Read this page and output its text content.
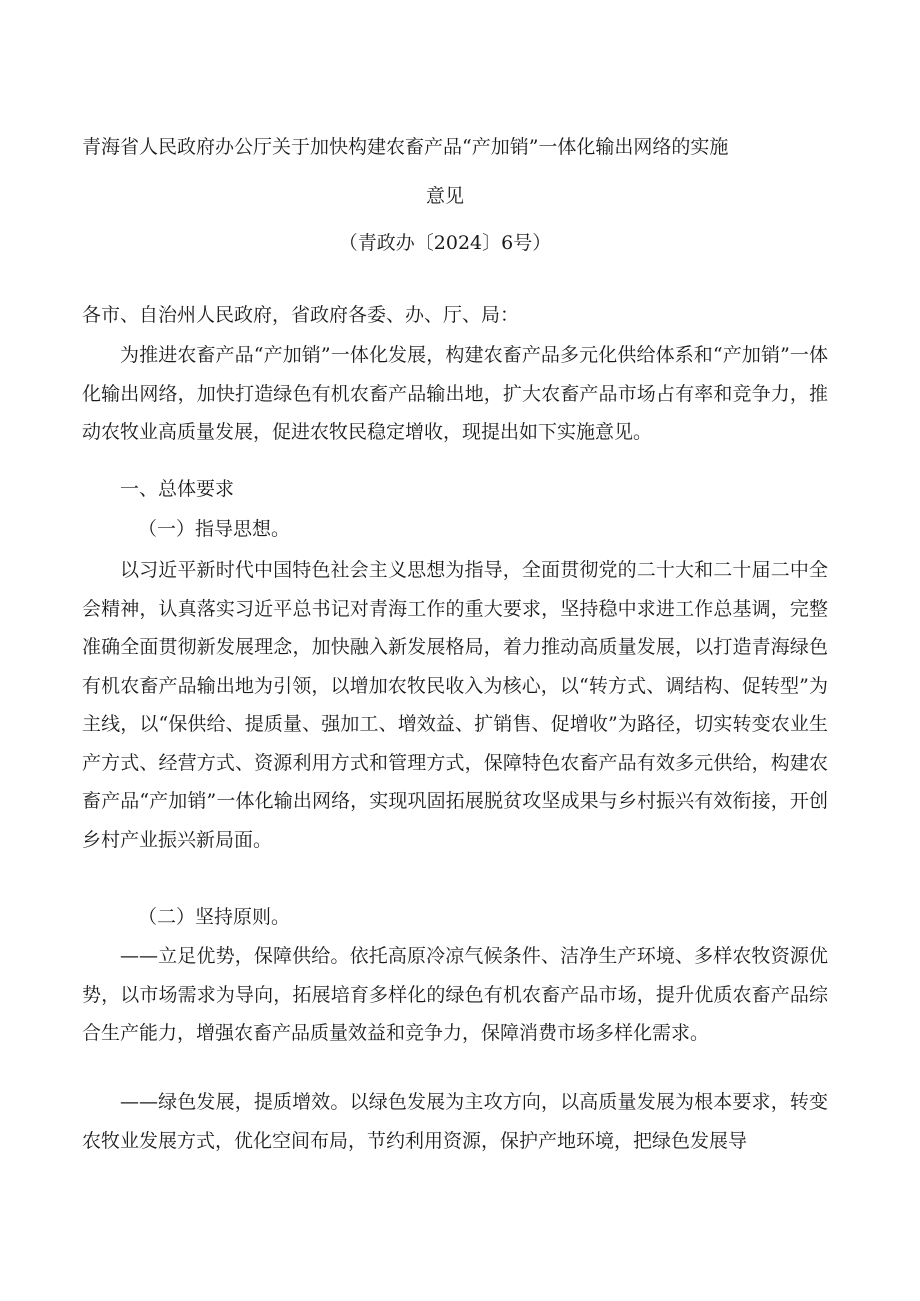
青海省人民政府办公厅关于加快构建农畜产品“产加销”一体化输出网络的实施
意见
（青政办〔2024〕6号）

各市、自治州人民政府，省政府各委、办、厅、局：

为推进农畜产品“产加销”一体化发展，构建农畜产品多元化供给体系和“产加销”一体化输出网络，加快打造绿色有机农畜产品输出地，扩大农畜产品市场占有率和竞争力，推动农牧业高质量发展，促进农牧民稳定增收，现提出如下实施意见。

一、总体要求

（一）指导思想。

以习近平新时代中国特色社会主义思想为指导，全面贯彻党的二十大和二十届二中全会精神，认真落实习近平总书记对青海工作的重大要求，坚持稳中求进工作总基调，完整准确全面贯彻新发展理念，加快融入新发展格局，着力推动高质量发展，以打造青海绿色有机农畜产品输出地为引领，以增加农牧民收入为核心，以“转方式、调结构、促转型”为主线，以“保供给、提质量、强加工、增效益、扩销售、促增收”为路径，切实转变农业生产方式、经营方式、资源利用方式和管理方式，保障特色农畜产品有效多元供给，构建农畜产品“产加销”一体化输出网络，实现巩固拓展脱贫攻坚成果与乡村振兴有效衔接，开创乡村产业振兴新局面。

（二）坚持原则。

——立足优势，保障供给。依托高原冷凉气候条件、洁净生产环境、多样农牧资源优势，以市场需求为导向，拓展培育多样化的绿色有机农畜产品市场，提升优质农畜产品综合生产能力，增强农畜产品质量效益和竞争力，保障消费市场多样化需求。

——绿色发展，提质增效。以绿色发展为主攻方向，以高质量发展为根本要求，转变农牧业发展方式，优化空间布局，节约利用资源，保护产地环境，把绿色发展导
